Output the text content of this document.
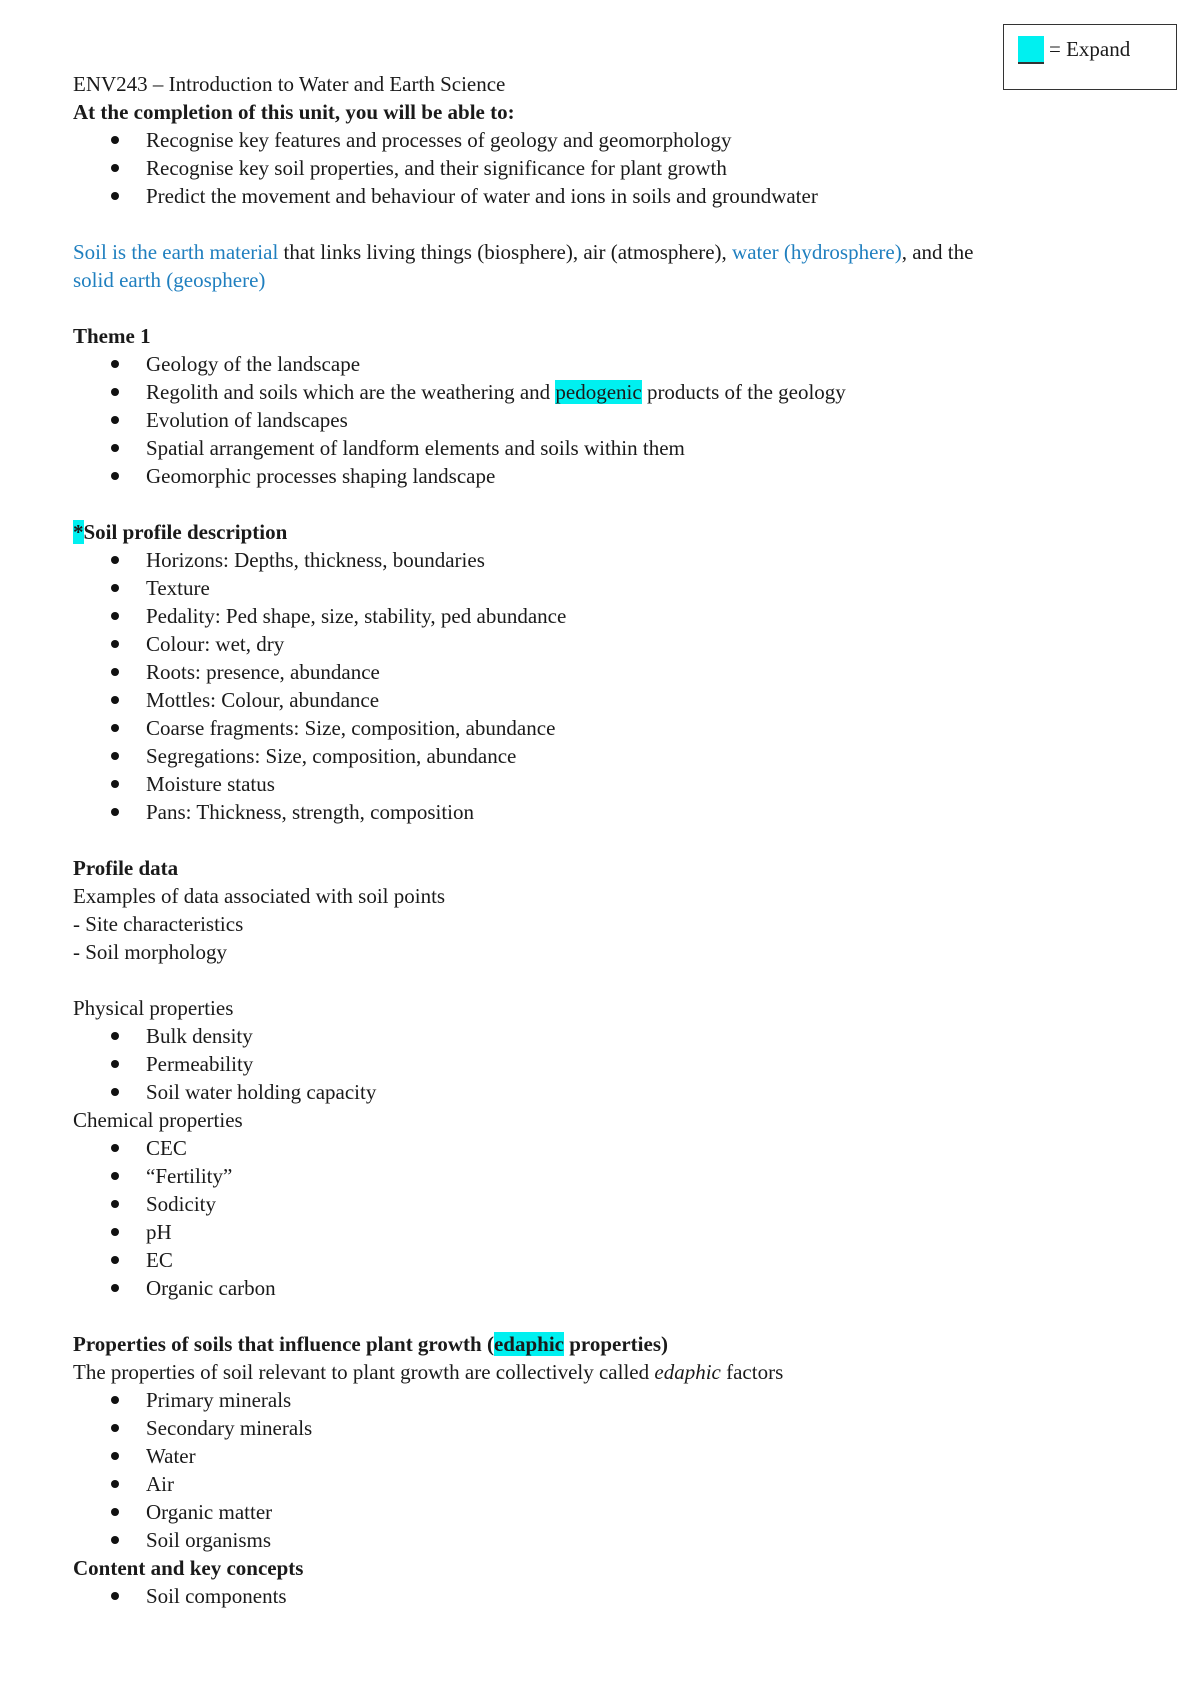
= Expand
ENV243 – Introduction to Water and Earth Science
At the completion of this unit, you will be able to:
Recognise key features and processes of geology and geomorphology
Recognise key soil properties, and their significance for plant growth
Predict the movement and behaviour of water and ions in soils and groundwater
Soil is the earth material that links living things (biosphere), air (atmosphere), water (hydrosphere), and the
solid earth (geosphere)
Theme 1
Geology of the landscape
Regolith and soils which are the weathering and pedogenic products of the geology
Evolution of landscapes
Spatial arrangement of landform elements and soils within them
Geomorphic processes shaping landscape
*Soil profile description
Horizons: Depths, thickness, boundaries
Texture
Pedality: Ped shape, size, stability, ped abundance
Colour: wet, dry
Roots: presence, abundance
Mottles: Colour, abundance
Coarse fragments: Size, composition, abundance
Segregations: Size, composition, abundance
Moisture status
Pans: Thickness, strength, composition
Profile data
Examples of data associated with soil points
- Site characteristics
- Soil morphology
Physical properties
Bulk density
Permeability
Soil water holding capacity
Chemical properties
CEC
“Fertility”
Sodicity
pH
EC
Organic carbon
Properties of soils that influence plant growth (edaphic properties)
The properties of soil relevant to plant growth are collectively called edaphic factors
Primary minerals
Secondary minerals
Water
Air
Organic matter
Soil organisms
Content and key concepts
Soil components
